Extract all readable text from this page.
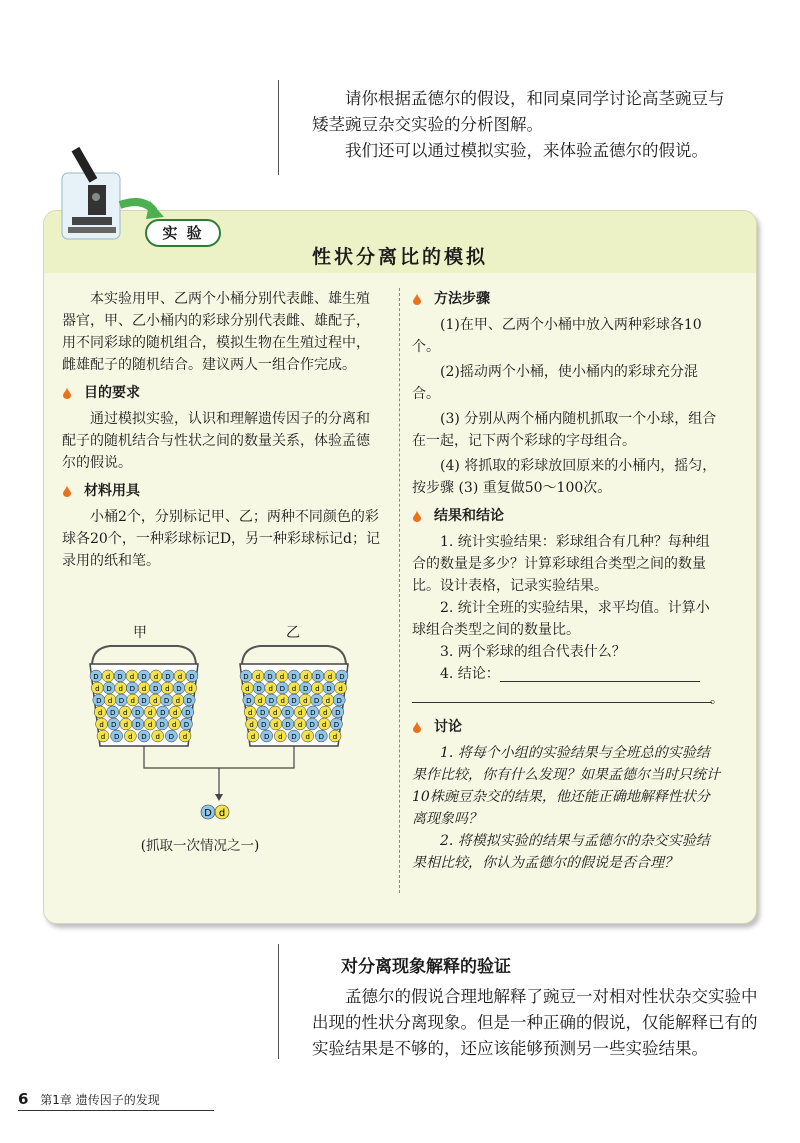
请你根据孟德尔的假设，和同桌同学讨论高茎豌豆与

矮茎豌豆杂交实验的分析图解。

我们还可以通过模拟实验，来体验孟德尔的假说。

实 验
性状分离比的模拟

本实验用甲、乙两个小桶分别代表雌、雄生殖器官，甲、乙小桶内的彩球分别代表雌、雄配子，用不同彩球的随机组合，模拟生物在生殖过程中，雌雄配子的随机结合。建议两人一组合作完成。

目的要求

通过模拟实验，认识和理解遗传因子的分离和配子的随机结合与性状之间的数量关系，体验孟德尔的假说。

材料用具

小桶2个，分别标记甲、乙；两种不同颜色的彩球各20个，一种彩球标记D，另一种彩球标记d；记录用的纸和笔。

甲	乙
D d D d D d D d D
d D d D d D d D d
D d D d D d D d D
d D d D d D d D
d D d D d D d D
d D d D d D d
D d D d D d D d D
d D d D d D d D d
D d D d D d D d D
d D d D d D d D
d D d D d D d D
d D d D d D d
D d
(抓取一次情况之一)
方法步骤

(1)在甲、乙两个小桶中放入两种彩球各10个。

(2)摇动两个小桶，使小桶内的彩球充分混合。

(3) 分别从两个桶内随机抓取一个小球，组合在一起，记下两个彩球的字母组合。

(4) 将抓取的彩球放回原来的小桶内，摇匀，按步骤 (3) 重复做50～100次。

结果和结论

1. 统计实验结果：彩球组合有几种？每种组合的数量是多少？计算彩球组合类型之间的数量比。设计表格，记录实验结果。

2. 统计全班的实验结果，求平均值。计算小球组合类型之间的数量比。

3. 两个彩球的组合代表什么？

4. 结论：

。
讨论

1. 将每个小组的实验结果与全班总的实验结果作比较，你有什么发现？如果孟德尔当时只统计10株豌豆杂交的结果，他还能正确地解释性状分离现象吗？

2. 将模拟实验的结果与孟德尔的杂交实验结果相比较，你认为孟德尔的假说是否合理？

对分离现象解释的验证

孟德尔的假说合理地解释了豌豆一对相对性状杂交实验中出现的性状分离现象。但是一种正确的假说，仅能解释已有的实验结果是不够的，还应该能够预测另一些实验结果。

6 第1章 遗传因子的发现
